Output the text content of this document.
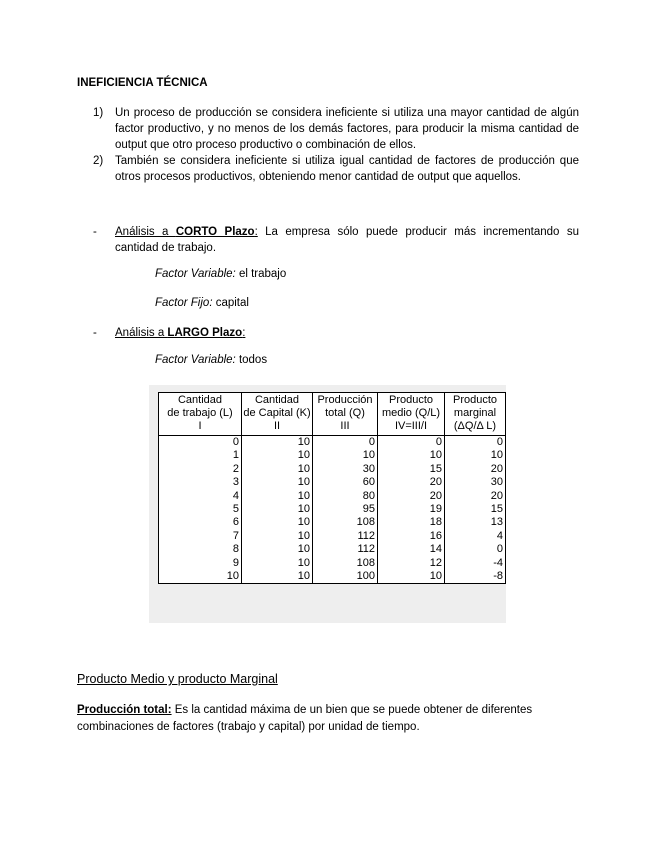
INEFICIENCIA TÉCNICA
1) Un proceso de producción se considera ineficiente si utiliza una mayor cantidad de algún factor productivo, y no menos de los demás factores, para producir la misma cantidad de output que otro proceso productivo o combinación de ellos.
2) También se considera ineficiente si utiliza igual cantidad de factores de producción que otros procesos productivos, obteniendo menor cantidad de output que aquellos.
-	Análisis a CORTO Plazo: La empresa sólo puede producir más incrementando su cantidad de trabajo.
Factor Variable: el trabajo
Factor Fijo: capital
-	Análisis a LARGO Plazo:
Factor Variable: todos
Cantidad
de trabajo (L)
I	Cantidad
de Capital (K)
II	Producción
total (Q)
III	Producto
medio (Q/L)
IV=III/I	Producto
marginal
(ΔQ/Δ L)
0	10	0	0	0
1	10	10	10	10
2	10	30	15	20
3	10	60	20	30
4	10	80	20	20
5	10	95	19	15
6	10	108	18	13
7	10	112	16	4
8	10	112	14	0
9	10	108	12	-4
10	10	100	10	-8
Producto Medio y producto Marginal
Producción total: Es la cantidad máxima de un bien que se puede obtener de diferentes combinaciones de factores (trabajo y capital) por unidad de tiempo.
